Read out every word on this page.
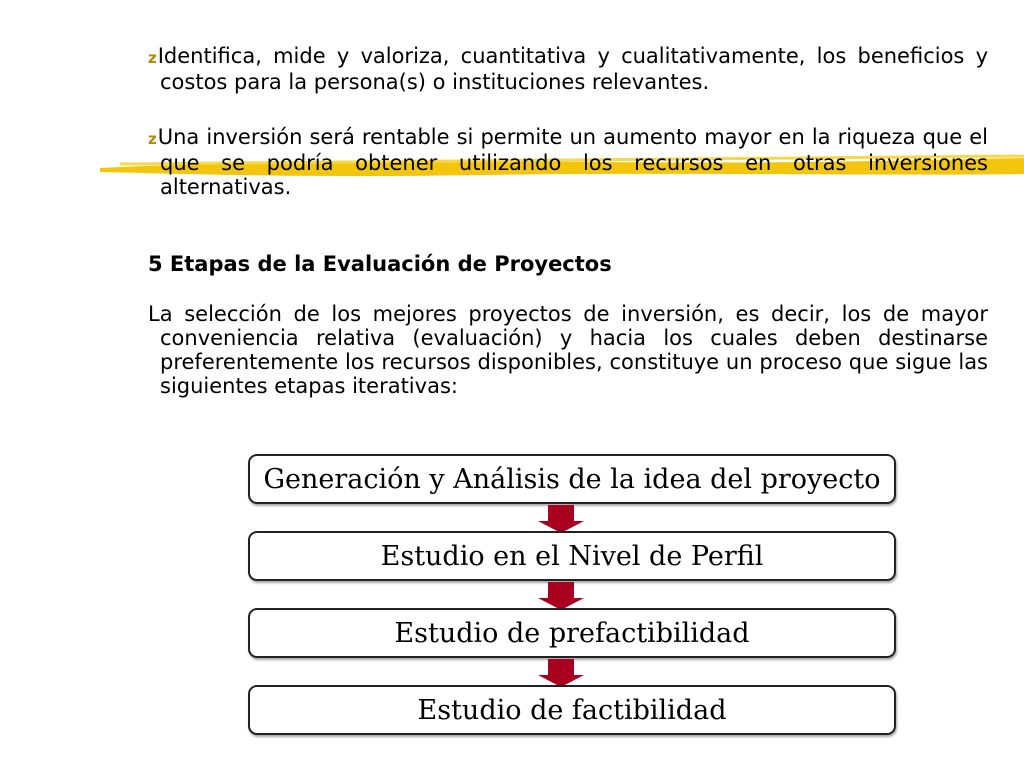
zIdentifica, mide y valoriza, cuantitativa y cualitativamente, los beneficios y costos para la persona(s) o instituciones relevantes.

zUna inversión será rentable si permite un aumento mayor en la riqueza que el que se podría obtener utilizando los recursos en otras inversiones alternativas.

5 Etapas de la Evaluación de Proyectos

La selección de los mejores proyectos de inversión, es decir, los de mayor conveniencia relativa (evaluación) y hacia los cuales deben destinarse preferentemente los recursos disponibles, constituye un proceso que sigue las siguientes etapas iterativas:

Generación y Análisis de la idea del proyecto
Estudio en el Nivel de Perfil
Estudio de prefactibilidad
Estudio de factibilidad
